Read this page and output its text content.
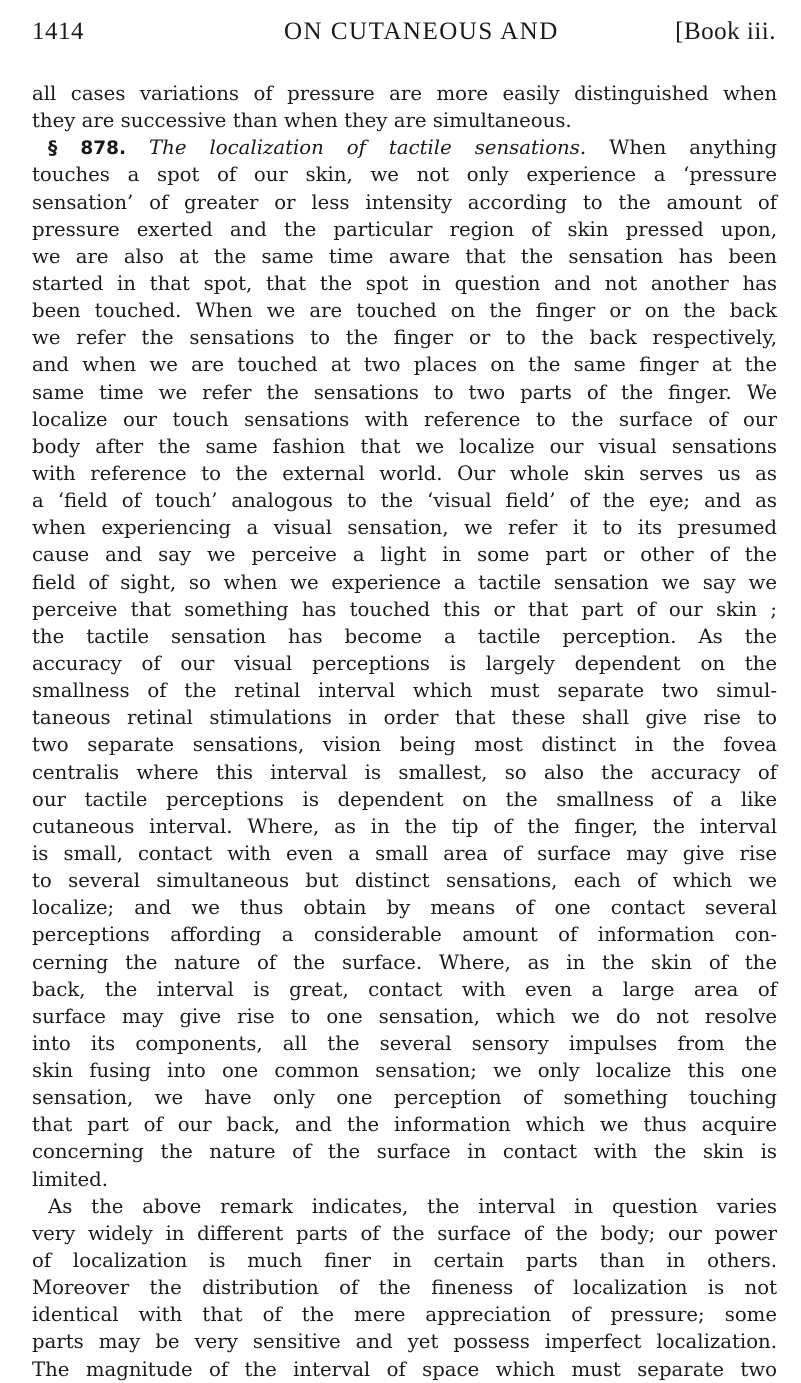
1414	ON CUTANEOUS AND	[Book iii.
all cases variations of pressure are more easily distinguished when
they are successive than when they are simultaneous.
§ 878. The localization of tactile sensations. When anything
touches a spot of our skin, we not only experience a ‘pressure
sensation’ of greater or less intensity according to the amount of
pressure exerted and the particular region of skin pressed upon,
we are also at the same time aware that the sensation has been
started in that spot, that the spot in question and not another has
been touched. When we are touched on the finger or on the back
we refer the sensations to the finger or to the back respectively,
and when we are touched at two places on the same finger at the
same time we refer the sensations to two parts of the finger. We
localize our touch sensations with reference to the surface of our
body after the same fashion that we localize our visual sensations
with reference to the external world. Our whole skin serves us as
a ‘field of touch’ analogous to the ‘visual field’ of the eye; and as
when experiencing a visual sensation, we refer it to its presumed
cause and say we perceive a light in some part or other of the
field of sight, so when we experience a tactile sensation we say we
perceive that something has touched this or that part of our skin ;
the tactile sensation has become a tactile perception. As the
accuracy of our visual perceptions is largely dependent on the
smallness of the retinal interval which must separate two simul-
taneous retinal stimulations in order that these shall give rise to
two separate sensations, vision being most distinct in the fovea
centralis where this interval is smallest, so also the accuracy of
our tactile perceptions is dependent on the smallness of a like
cutaneous interval. Where, as in the tip of the finger, the interval
is small, contact with even a small area of surface may give rise
to several simultaneous but distinct sensations, each of which we
localize; and we thus obtain by means of one contact several
perceptions affording a considerable amount of information con-
cerning the nature of the surface. Where, as in the skin of the
back, the interval is great, contact with even a large area of
surface may give rise to one sensation, which we do not resolve
into its components, all the several sensory impulses from the
skin fusing into one common sensation; we only localize this one
sensation, we have only one perception of something touching
that part of our back, and the information which we thus acquire
concerning the nature of the surface in contact with the skin is
limited.
As the above remark indicates, the interval in question varies
very widely in different parts of the surface of the body; our power
of localization is much finer in certain parts than in others.
Moreover the distribution of the fineness of localization is not
identical with that of the mere appreciation of pressure; some
parts may be very sensitive and yet possess imperfect localization.
The magnitude of the interval of space which must separate two
